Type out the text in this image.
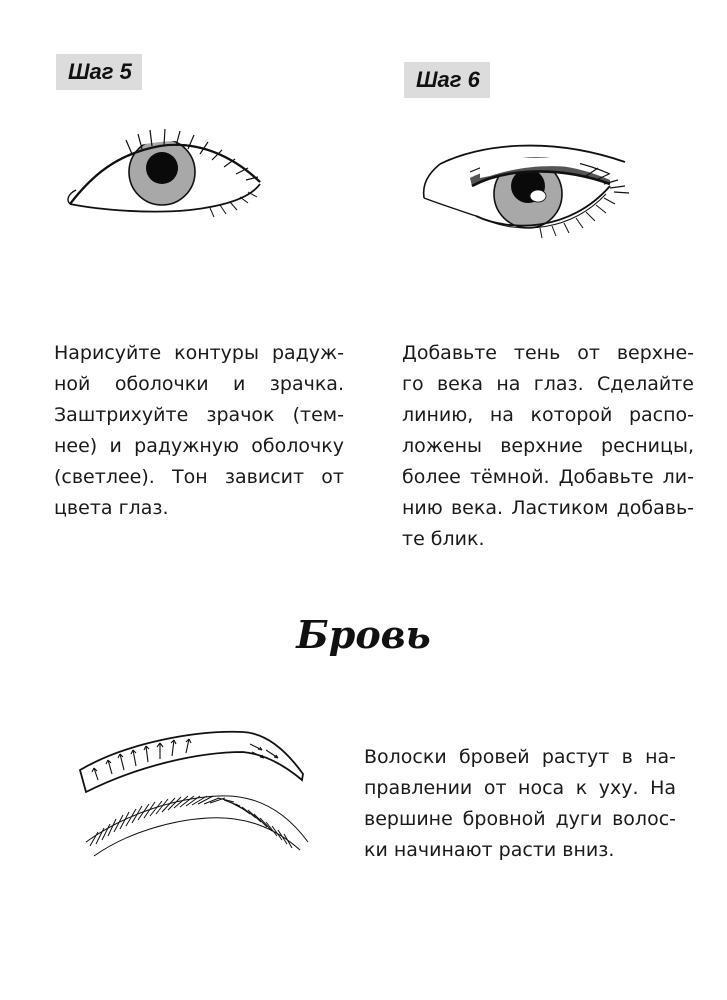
Шаг 5
Нарисуйте контуры радуж-
ной оболочки и зрачка.
Заштрихуйте зрачок (тем-
нее) и радужную оболочку
(светлее). Тон зависит от
цвета глаз.
Шаг 6
Добавьте тень от верхне-
го века на глаз. Сделайте
линию, на которой распо-
ложены верхние ресницы,
более тёмной. Добавьте ли-
нию века. Ластиком добавь-
те блик.
Бровь
Волоски бровей растут в на-
правлении от носа к уху. На
вершине бровной дуги волос-
ки начинают расти вниз.
